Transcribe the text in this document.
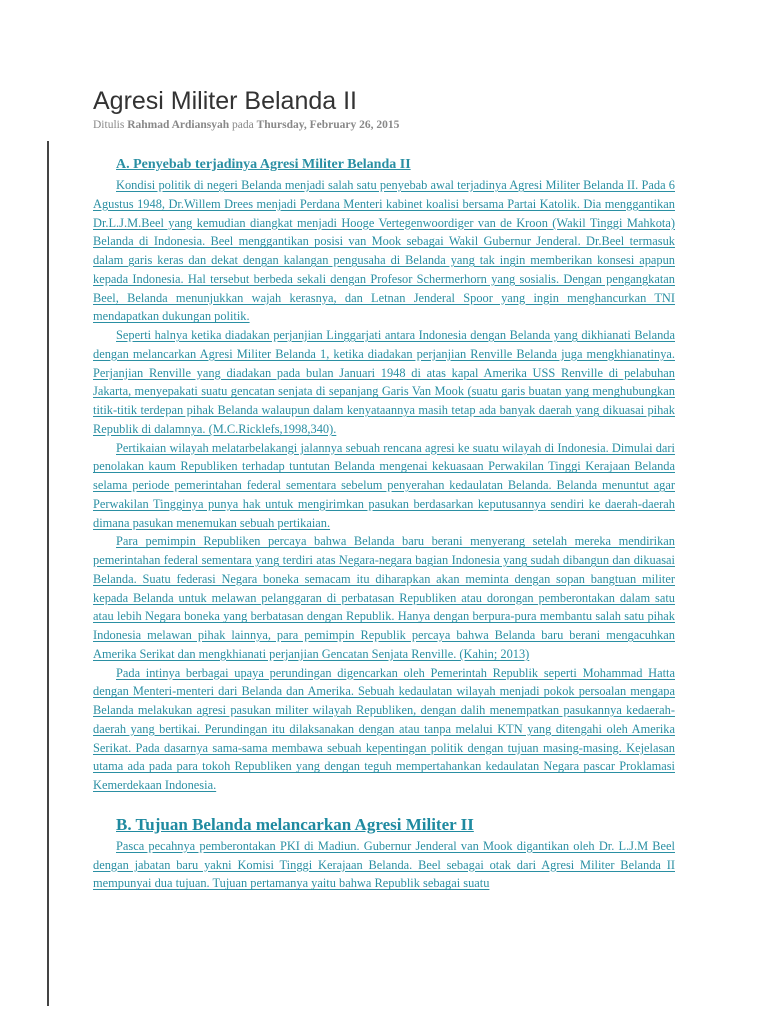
Agresi Militer Belanda II
Ditulis Rahmad Ardiansyah pada Thursday, February 26, 2015
A. Penyebab terjadinya Agresi Militer Belanda II

Kondisi politik di negeri Belanda menjadi salah satu penyebab awal terjadinya Agresi Militer Belanda II. Pada 6 Agustus 1948, Dr.Willem Drees menjadi Perdana Menteri kabinet koalisi bersama Partai Katolik. Dia menggantikan Dr.L.J.M.Beel yang kemudian diangkat menjadi Hooge Vertegenwoordiger van de Kroon (Wakil Tinggi Mahkota) Belanda di Indonesia. Beel menggantikan posisi van Mook sebagai Wakil Gubernur Jenderal. Dr.Beel termasuk dalam garis keras dan dekat dengan kalangan pengusaha di Belanda yang tak ingin memberikan konsesi apapun kepada Indonesia. Hal tersebut berbeda sekali dengan Profesor Schermerhorn yang sosialis. Dengan pengangkatan Beel, Belanda menunjukkan wajah kerasnya, dan Letnan Jenderal Spoor yang ingin menghancurkan TNI mendapatkan dukungan politik.

Seperti halnya ketika diadakan perjanjian Linggarjati antara Indonesia dengan Belanda yang dikhianati Belanda dengan melancarkan Agresi Militer Belanda 1, ketika diadakan perjanjian Renville Belanda juga mengkhianatinya. Perjanjian Renville yang diadakan pada bulan Januari 1948 di atas kapal Amerika USS Renville di pelabuhan Jakarta, menyepakati suatu gencatan senjata di sepanjang Garis Van Mook (suatu garis buatan yang menghubungkan titik-titik terdepan pihak Belanda walaupun dalam kenyataannya masih tetap ada banyak daerah yang dikuasai pihak Republik di dalamnya. (M.C.Ricklefs,1998,340).

Pertikaian wilayah melatarbelakangi jalannya sebuah rencana agresi ke suatu wilayah di Indonesia. Dimulai dari penolakan kaum Republiken terhadap tuntutan Belanda mengenai kekuasaan Perwakilan Tinggi Kerajaan Belanda selama periode pemerintahan federal sementara sebelum penyerahan kedaulatan Belanda. Belanda menuntut agar Perwakilan Tingginya punya hak untuk mengirimkan pasukan berdasarkan keputusannya sendiri ke daerah-daerah dimana pasukan menemukan sebuah pertikaian.

Para pemimpin Republiken percaya bahwa Belanda baru berani menyerang setelah mereka mendirikan pemerintahan federal sementara yang terdiri atas Negara-negara bagian Indonesia yang sudah dibangun dan dikuasai Belanda. Suatu federasi Negara boneka semacam itu diharapkan akan meminta dengan sopan bangtuan militer kepada Belanda untuk melawan pelanggaran di perbatasan Republiken atau dorongan pemberontakan dalam satu atau lebih Negara boneka yang berbatasan dengan Republik. Hanya dengan berpura-pura membantu salah satu pihak Indonesia melawan pihak lainnya, para pemimpin Republik percaya bahwa Belanda baru berani mengacuhkan Amerika Serikat dan mengkhianati perjanjian Gencatan Senjata Renville. (Kahin; 2013)

Pada intinya berbagai upaya perundingan digencarkan oleh Pemerintah Republik seperti Mohammad Hatta dengan Menteri-menteri dari Belanda dan Amerika. Sebuah kedaulatan wilayah menjadi pokok persoalan mengapa Belanda melakukan agresi pasukan militer wilayah Republiken, dengan dalih menempatkan pasukannya kedaerah-daerah yang bertikai. Perundingan itu dilaksanakan dengan atau tanpa melalui KTN yang ditengahi oleh Amerika Serikat. Pada dasarnya sama-sama membawa sebuah kepentingan politik dengan tujuan masing-masing. Kejelasan utama ada pada para tokoh Republiken yang dengan teguh mempertahankan kedaulatan Negara pascar Proklamasi Kemerdekaan Indonesia.

B. Tujuan Belanda melancarkan Agresi Militer II

Pasca pecahnya pemberontakan PKI di Madiun. Gubernur Jenderal van Mook digantikan oleh Dr. L.J.M Beel dengan jabatan baru yakni Komisi Tinggi Kerajaan Belanda. Beel sebagai otak dari Agresi Militer Belanda II mempunyai dua tujuan. Tujuan pertamanya yaitu bahwa Republik sebagai suatu
